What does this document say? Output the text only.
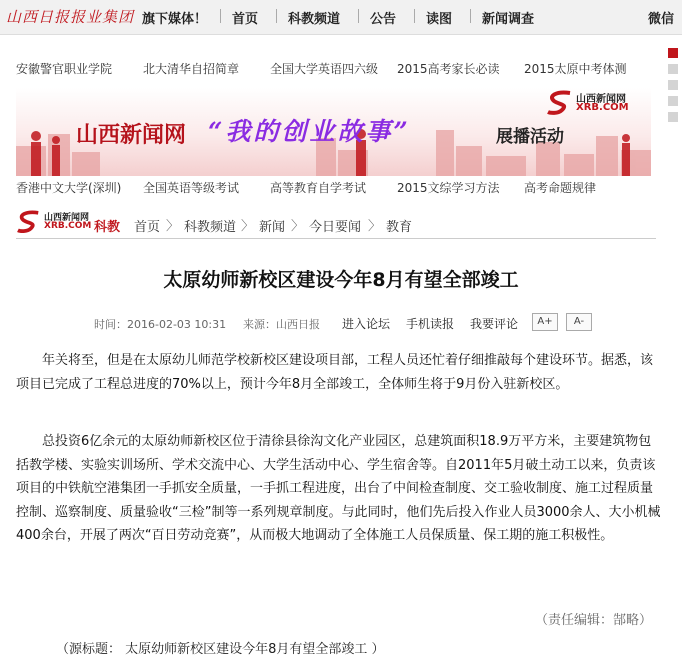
山西日报报业集团 旗下媒体！ 首页 科教频道 公告 读图 新闻调查	微信
安徽警官职业学院	北大清华自招简章	全国大学英语四六级 2015高考家长必读 2015太原中考体测
山西新闻网 “我的创业故事”	展播活动
山西新闻网
XRB.COM
香港中文大学(深圳) 全国英语等级考试	高等教育自学考试	2015文综学习方法 高考命题规律
山西新闻网
XRB.COM 科教 首页 〉 科教频道 〉 新闻 〉 今日要闻 〉 教育
太原幼师新校区建设今年8月有望全部竣工
时间：2016-02-03 10:31 来源：山西日报 进入论坛 手机读报 我要评论	A+	A-
年关将至，但是在太原幼儿师范学校新校区建设项目部，工程人员还忙着仔细推敲每个建设环节。据悉，该项目已完成了工程总进度的70%以上，预计今年8月全部竣工，全体师生将于9月份入驻新校区。
总投资6亿余元的太原幼师新校区位于清徐县徐沟文化产业园区，总建筑面积18.9万平方米，主要建筑物包括教学楼、实验实训场所、学术交流中心、大学生活动中心、学生宿舍等。自2011年5月破土动工以来，负责该项目的中铁航空港集团一手抓安全质量，一手抓工程进度，出台了中间检查制度、交工验收制度、施工过程质量控制、巡察制度、质量验收“三检”制等一系列规章制度。与此同时，他们先后投入作业人员3000余人、大小机械400余台，开展了两次“百日劳动竞赛”，从而极大地调动了全体施工人员保质量、保工期的施工积极性。
（责任编辑：郜略）
（源标题： 太原幼师新校区建设今年8月有望全部竣工 ）
